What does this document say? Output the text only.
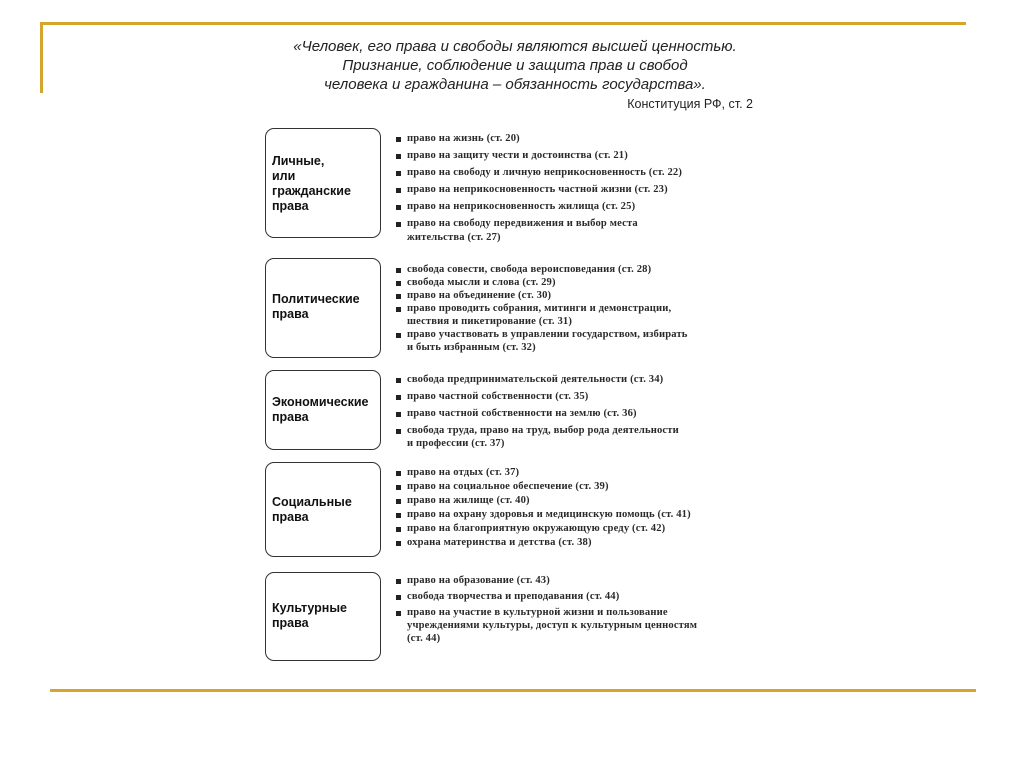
«Человек, его права и свободы являются высшей ценностью.
Признание, соблюдение и защита прав и свобод
человека и гражданина – обязанность государства».
Конституция РФ, ст. 2
Личные,
или
гражданские
права
право на жизнь (ст. 20)
право на защиту чести и достоинства (ст. 21)
право на свободу и личную неприкосновенность (ст. 22)
право на неприкосновенность частной жизни (ст. 23)
право на неприкосновенность жилища (ст. 25)
право на свободу передвижения и выбор места
жительства (ст. 27)
Политические
права
свобода совести, свобода вероисповедания (ст. 28)
свобода мысли и слова (ст. 29)
право на объединение (ст. 30)
право проводить собрания, митинги и демонстрации,
шествия и пикетирование (ст. 31)
право участвовать в управлении государством, избирать
и быть избранным (ст. 32)
Экономические
права
свобода предпринимательской деятельности (ст. 34)
право частной собственности (ст. 35)
право частной собственности на землю (ст. 36)
свобода труда, право на труд, выбор рода деятельности
и профессии (ст. 37)
Социальные
права
право на отдых (ст. 37)
право на социальное обеспечение (ст. 39)
право на жилище (ст. 40)
право на охрану здоровья и медицинскую помощь (ст. 41)
право на благоприятную окружающую среду (ст. 42)
охрана материнства и детства (ст. 38)
Культурные
права
право на образование (ст. 43)
свобода творчества и преподавания (ст. 44)
право на участие в культурной жизни и пользование
учреждениями культуры, доступ к культурным ценностям
(ст. 44)
